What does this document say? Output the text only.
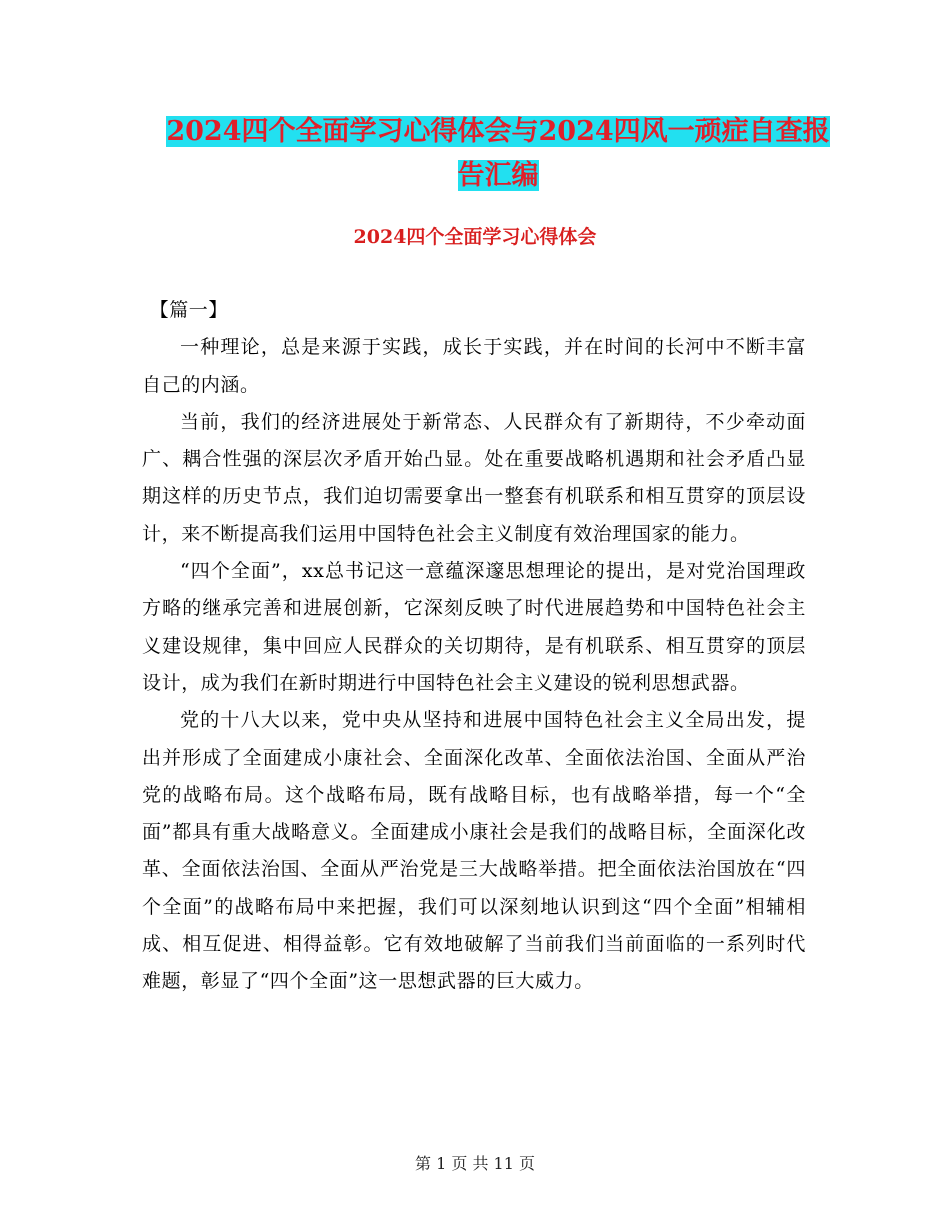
2024四个全面学习心得体会与2024四风一顽症自查报
告汇编
2024四个全面学习心得体会

【篇一】

一种理论，总是来源于实践，成长于实践，并在时间的长河中不断丰富自己的内涵。

当前，我们的经济进展处于新常态、人民群众有了新期待，不少牵动面广、耦合性强的深层次矛盾开始凸显。处在重要战略机遇期和社会矛盾凸显期这样的历史节点，我们迫切需要拿出一整套有机联系和相互贯穿的顶层设计，来不断提高我们运用中国特色社会主义制度有效治理国家的能力。

“四个全面”，xx总书记这一意蕴深邃思想理论的提出，是对党治国理政方略的继承完善和进展创新，它深刻反映了时代进展趋势和中国特色社会主义建设规律，集中回应人民群众的关切期待，是有机联系、相互贯穿的顶层设计，成为我们在新时期进行中国特色社会主义建设的锐利思想武器。

党的十八大以来，党中央从坚持和进展中国特色社会主义全局出发，提出并形成了全面建成小康社会、全面深化改革、全面依法治国、全面从严治党的战略布局。这个战略布局，既有战略目标，也有战略举措，每一个“全面”都具有重大战略意义。全面建成小康社会是我们的战略目标，全面深化改革、全面依法治国、全面从严治党是三大战略举措。把全面依法治国放在“四个全面”的战略布局中来把握，我们可以深刻地认识到这“四个全面”相辅相成、相互促进、相得益彰。它有效地破解了当前我们当前面临的一系列时代难题，彰显了“四个全面”这一思想武器的巨大威力。

第 1 页 共 11 页
